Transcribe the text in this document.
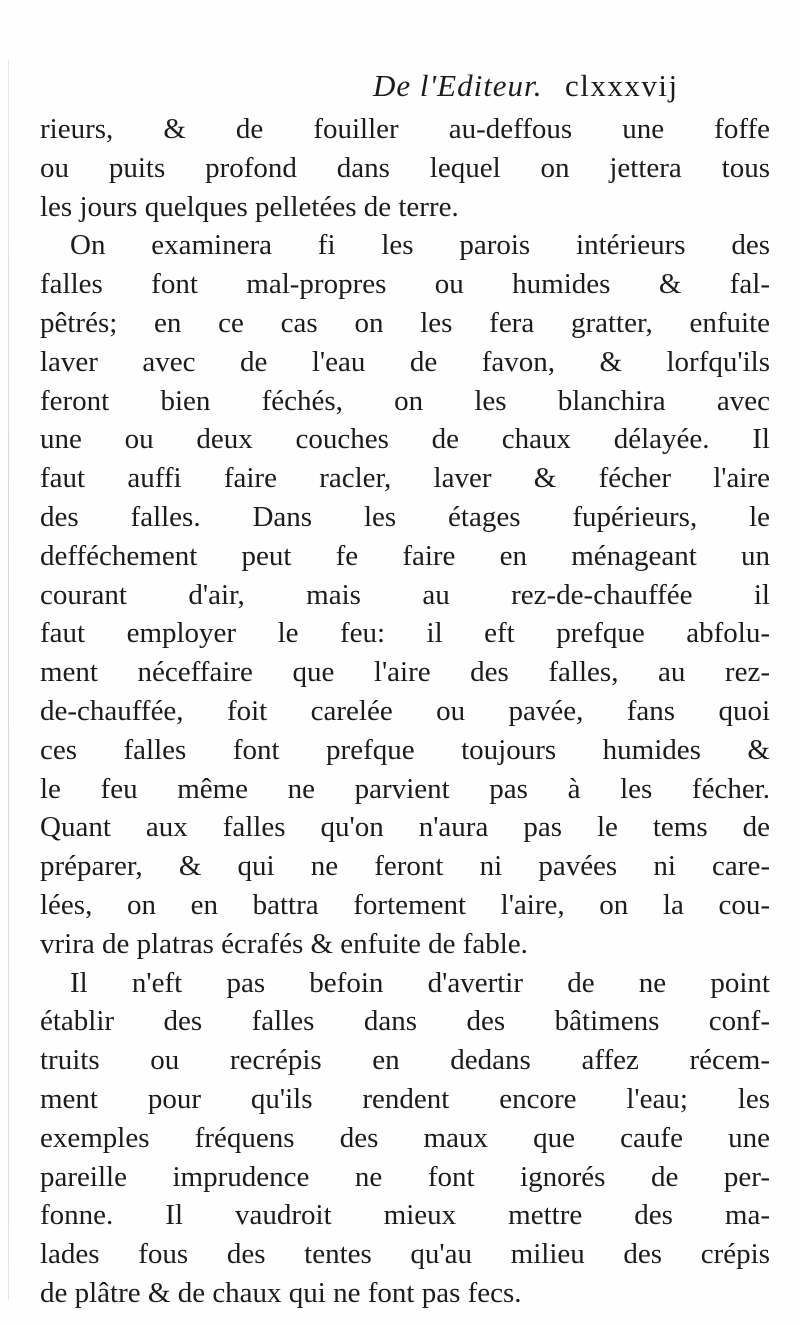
De l'Editeur. clxxxvij
rieurs, & de fouiller au-deffous une foffe
ou puits profond dans lequel on jettera tous
les jours quelques pelletées de terre.
On examinera fi les parois intérieurs des
falles font mal-propres ou humides & fal-
pêtrés; en ce cas on les fera gratter, enfuite
laver avec de l'eau de favon, & lorfqu'ils
feront bien féchés, on les blanchira avec
une ou deux couches de chaux délayée. Il
faut auffi faire racler, laver & fécher l'aire
des falles. Dans les étages fupérieurs, le
defféchement peut fe faire en ménageant un
courant d'air, mais au rez-de-chauffée il
faut employer le feu: il eft prefque abfolu-
ment néceffaire que l'aire des falles, au rez-
de-chauffée, foit carelée ou pavée, fans quoi
ces falles font prefque toujours humides &
le feu même ne parvient pas à les fécher.
Quant aux falles qu'on n'aura pas le tems de
préparer, & qui ne feront ni pavées ni care-
lées, on en battra fortement l'aire, on la cou-
vrira de platras écrafés & enfuite de fable.
Il n'eft pas befoin d'avertir de ne point
établir des falles dans des bâtimens conf-
truits ou recrépis en dedans affez récem-
ment pour qu'ils rendent encore l'eau; les
exemples fréquens des maux que caufe une
pareille imprudence ne font ignorés de per-
fonne. Il vaudroit mieux mettre des ma-
lades fous des tentes qu'au milieu des crépis
de plâtre & de chaux qui ne font pas fecs.
